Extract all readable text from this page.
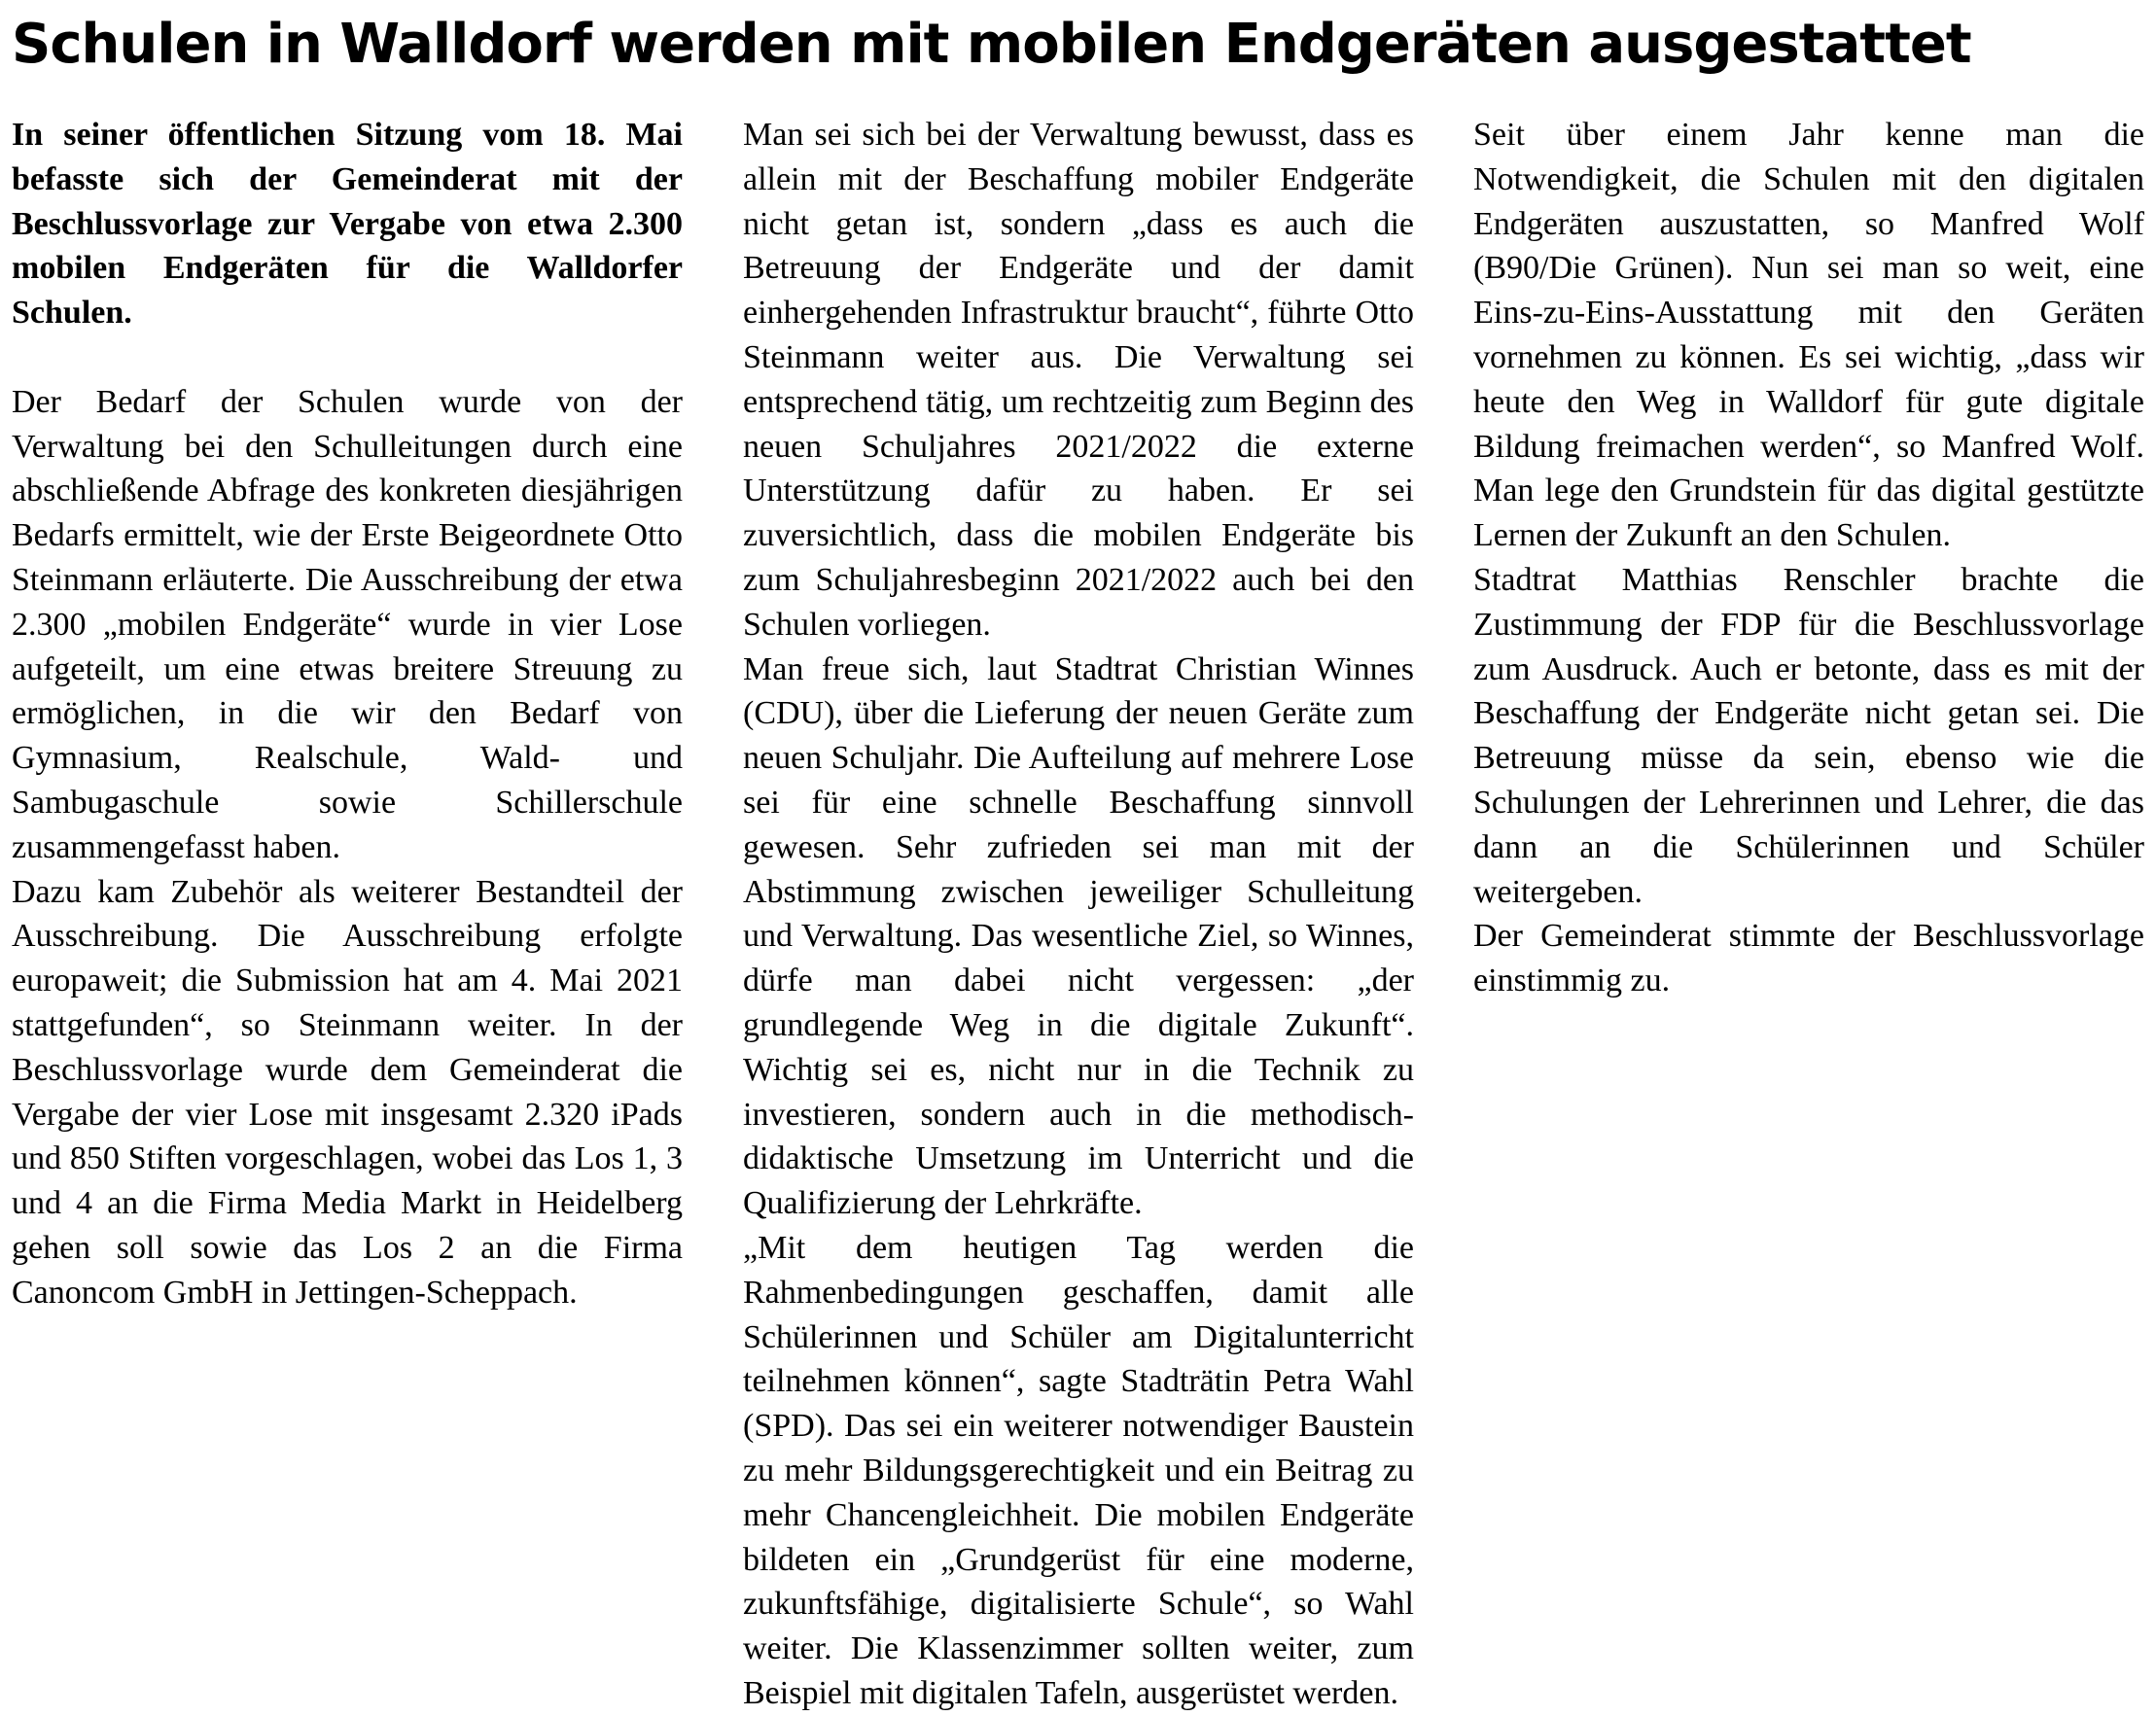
Schulen in Walldorf werden mit mobilen Endgeräten ausgestattet

In seiner öffentlichen Sitzung vom 18. Mai befasste sich der Gemeinderat mit der Beschlussvorlage zur Vergabe von etwa 2.300 mobilen Endgeräten für die Walldorfer Schulen.

Der Bedarf der Schulen wurde von der Verwaltung bei den Schulleitungen durch eine abschließende Abfrage des konkreten diesjährigen Bedarfs ermittelt, wie der Erste Beigeordnete Otto Steinmann erläuterte. Die Ausschreibung der etwa 2.300 „mobilen Endgeräte“ wurde in vier Lose aufgeteilt, um eine etwas breitere Streuung zu ermöglichen, in die wir den Bedarf von Gymnasium, Realschule, Wald- und Sambugaschule sowie Schillerschule zusammengefasst haben.

Dazu kam Zubehör als weiterer Bestandteil der Ausschreibung. Die Ausschreibung erfolgte europaweit; die Submission hat am 4. Mai 2021 stattgefunden“, so Steinmann weiter. In der Beschlussvorlage wurde dem Gemeinderat die Vergabe der vier Lose mit insgesamt 2.320 iPads und 850 Stiften vorgeschlagen, wobei das Los 1, 3 und 4 an die Firma Media Markt in Heidelberg gehen soll sowie das Los 2 an die Firma Canoncom GmbH in Jettingen-Scheppach.

Man sei sich bei der Verwaltung bewusst, dass es allein mit der Beschaffung mobiler Endgeräte nicht getan ist, sondern „dass es auch die Betreuung der Endgeräte und der damit einhergehenden Infrastruktur braucht“, führte Otto Steinmann weiter aus. Die Verwaltung sei entsprechend tätig, um rechtzeitig zum Beginn des neuen Schuljahres 2021/2022 die externe Unterstützung dafür zu haben. Er sei zuversichtlich, dass die mobilen Endgeräte bis zum Schuljahresbeginn 2021/2022 auch bei den Schulen vorliegen.

Man freue sich, laut Stadtrat Christian Winnes (CDU), über die Lieferung der neuen Geräte zum neuen Schuljahr. Die Aufteilung auf mehrere Lose sei für eine schnelle Beschaffung sinnvoll gewesen. Sehr zufrieden sei man mit der Abstimmung zwischen jeweiliger Schulleitung und Verwaltung. Das wesentliche Ziel, so Winnes, dürfe man dabei nicht vergessen: „der grundlegende Weg in die digitale Zukunft“. Wichtig sei es, nicht nur in die Technik zu investieren, sondern auch in die methodisch-didaktische Umsetzung im Unterricht und die Qualifizierung der Lehrkräfte.

„Mit dem heutigen Tag werden die Rahmenbedingungen geschaffen, damit alle Schülerinnen und Schüler am Digitalunterricht teilnehmen können“, sagte Stadträtin Petra Wahl (SPD). Das sei ein weiterer notwendiger Baustein zu mehr Bildungsgerechtigkeit und ein Beitrag zu mehr Chancengleichheit. Die mobilen Endgeräte bildeten ein „Grundgerüst für eine moderne, zukunftsfähige, digitalisierte Schule“, so Wahl weiter. Die Klassenzimmer sollten weiter, zum Beispiel mit digitalen Tafeln, ausgerüstet werden.

Seit über einem Jahr kenne man die Notwendigkeit, die Schulen mit den digitalen Endgeräten auszustatten, so Manfred Wolf (B90/Die Grünen). Nun sei man so weit, eine Eins-zu-Eins-Ausstattung mit den Geräten vornehmen zu können. Es sei wichtig, „dass wir heute den Weg in Walldorf für gute digitale Bildung freimachen werden“, so Manfred Wolf. Man lege den Grundstein für das digital gestützte Lernen der Zukunft an den Schulen.

Stadtrat Matthias Renschler brachte die Zustimmung der FDP für die Beschlussvorlage zum Ausdruck. Auch er betonte, dass es mit der Beschaffung der Endgeräte nicht getan sei. Die Betreuung müsse da sein, ebenso wie die Schulungen der Lehrerinnen und Lehrer, die das dann an die Schülerinnen und Schüler weitergeben.

Der Gemeinderat stimmte der Beschlussvorlage einstimmig zu.
